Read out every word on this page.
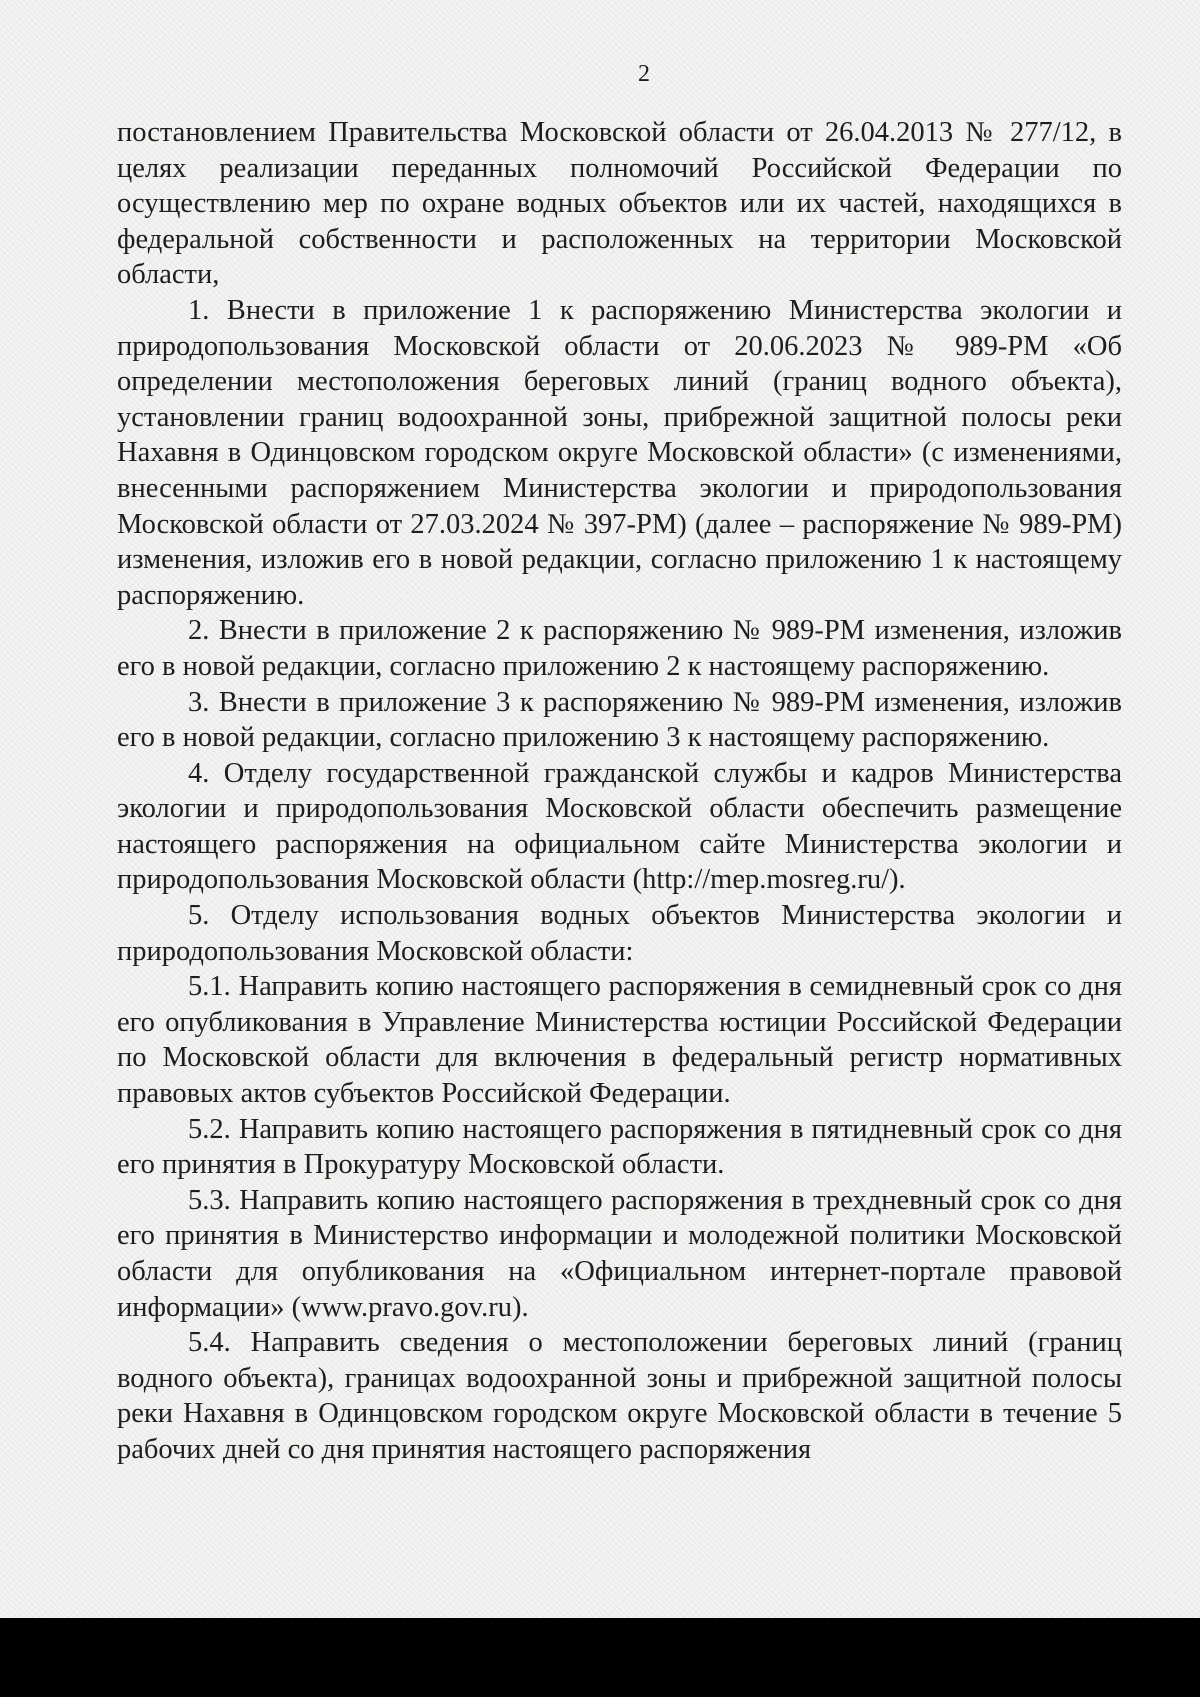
2

постановлением Правительства Московской области от 26.04.2013 № 277/12, в целях реализации переданных полномочий Российской Федерации по осуществлению мер по охране водных объектов или их частей, находящихся в федеральной собственности и расположенных на территории Московской области,

1. Внести в приложение 1 к распоряжению Министерства экологии и природопользования Московской области от 20.06.2023 № 989-РМ «Об определении местоположения береговых линий (границ водного объекта), установлении границ водоохранной зоны, прибрежной защитной полосы реки Нахавня в Одинцовском городском округе Московской области» (с изменениями, внесенными распоряжением Министерства экологии и природопользования Московской области от 27.03.2024 № 397-РМ) (далее – распоряжение № 989-РМ) изменения, изложив его в новой редакции, согласно приложению 1 к настоящему распоряжению.

2. Внести в приложение 2 к распоряжению № 989-РМ изменения, изложив его в новой редакции, согласно приложению 2 к настоящему распоряжению.

3. Внести в приложение 3 к распоряжению № 989-РМ изменения, изложив его в новой редакции, согласно приложению 3 к настоящему распоряжению.

4. Отделу государственной гражданской службы и кадров Министерства экологии и природопользования Московской области обеспечить размещение настоящего распоряжения на официальном сайте Министерства экологии и природопользования Московской области (http://mep.mosreg.ru/).

5. Отделу использования водных объектов Министерства экологии и природопользования Московской области:

5.1. Направить копию настоящего распоряжения в семидневный срок со дня его опубликования в Управление Министерства юстиции Российской Федерации по Московской области для включения в федеральный регистр нормативных правовых актов субъектов Российской Федерации.

5.2. Направить копию настоящего распоряжения в пятидневный срок со дня его принятия в Прокуратуру Московской области.

5.3. Направить копию настоящего распоряжения в трехдневный срок со дня его принятия в Министерство информации и молодежной политики Московской области для опубликования на «Официальном интернет-портале правовой информации» (www.pravo.gov.ru).

5.4. Направить сведения о местоположении береговых линий (границ водного объекта), границах водоохранной зоны и прибрежной защитной полосы реки Нахавня в Одинцовском городском округе Московской области в течение 5 рабочих дней со дня принятия настоящего распоряжения
